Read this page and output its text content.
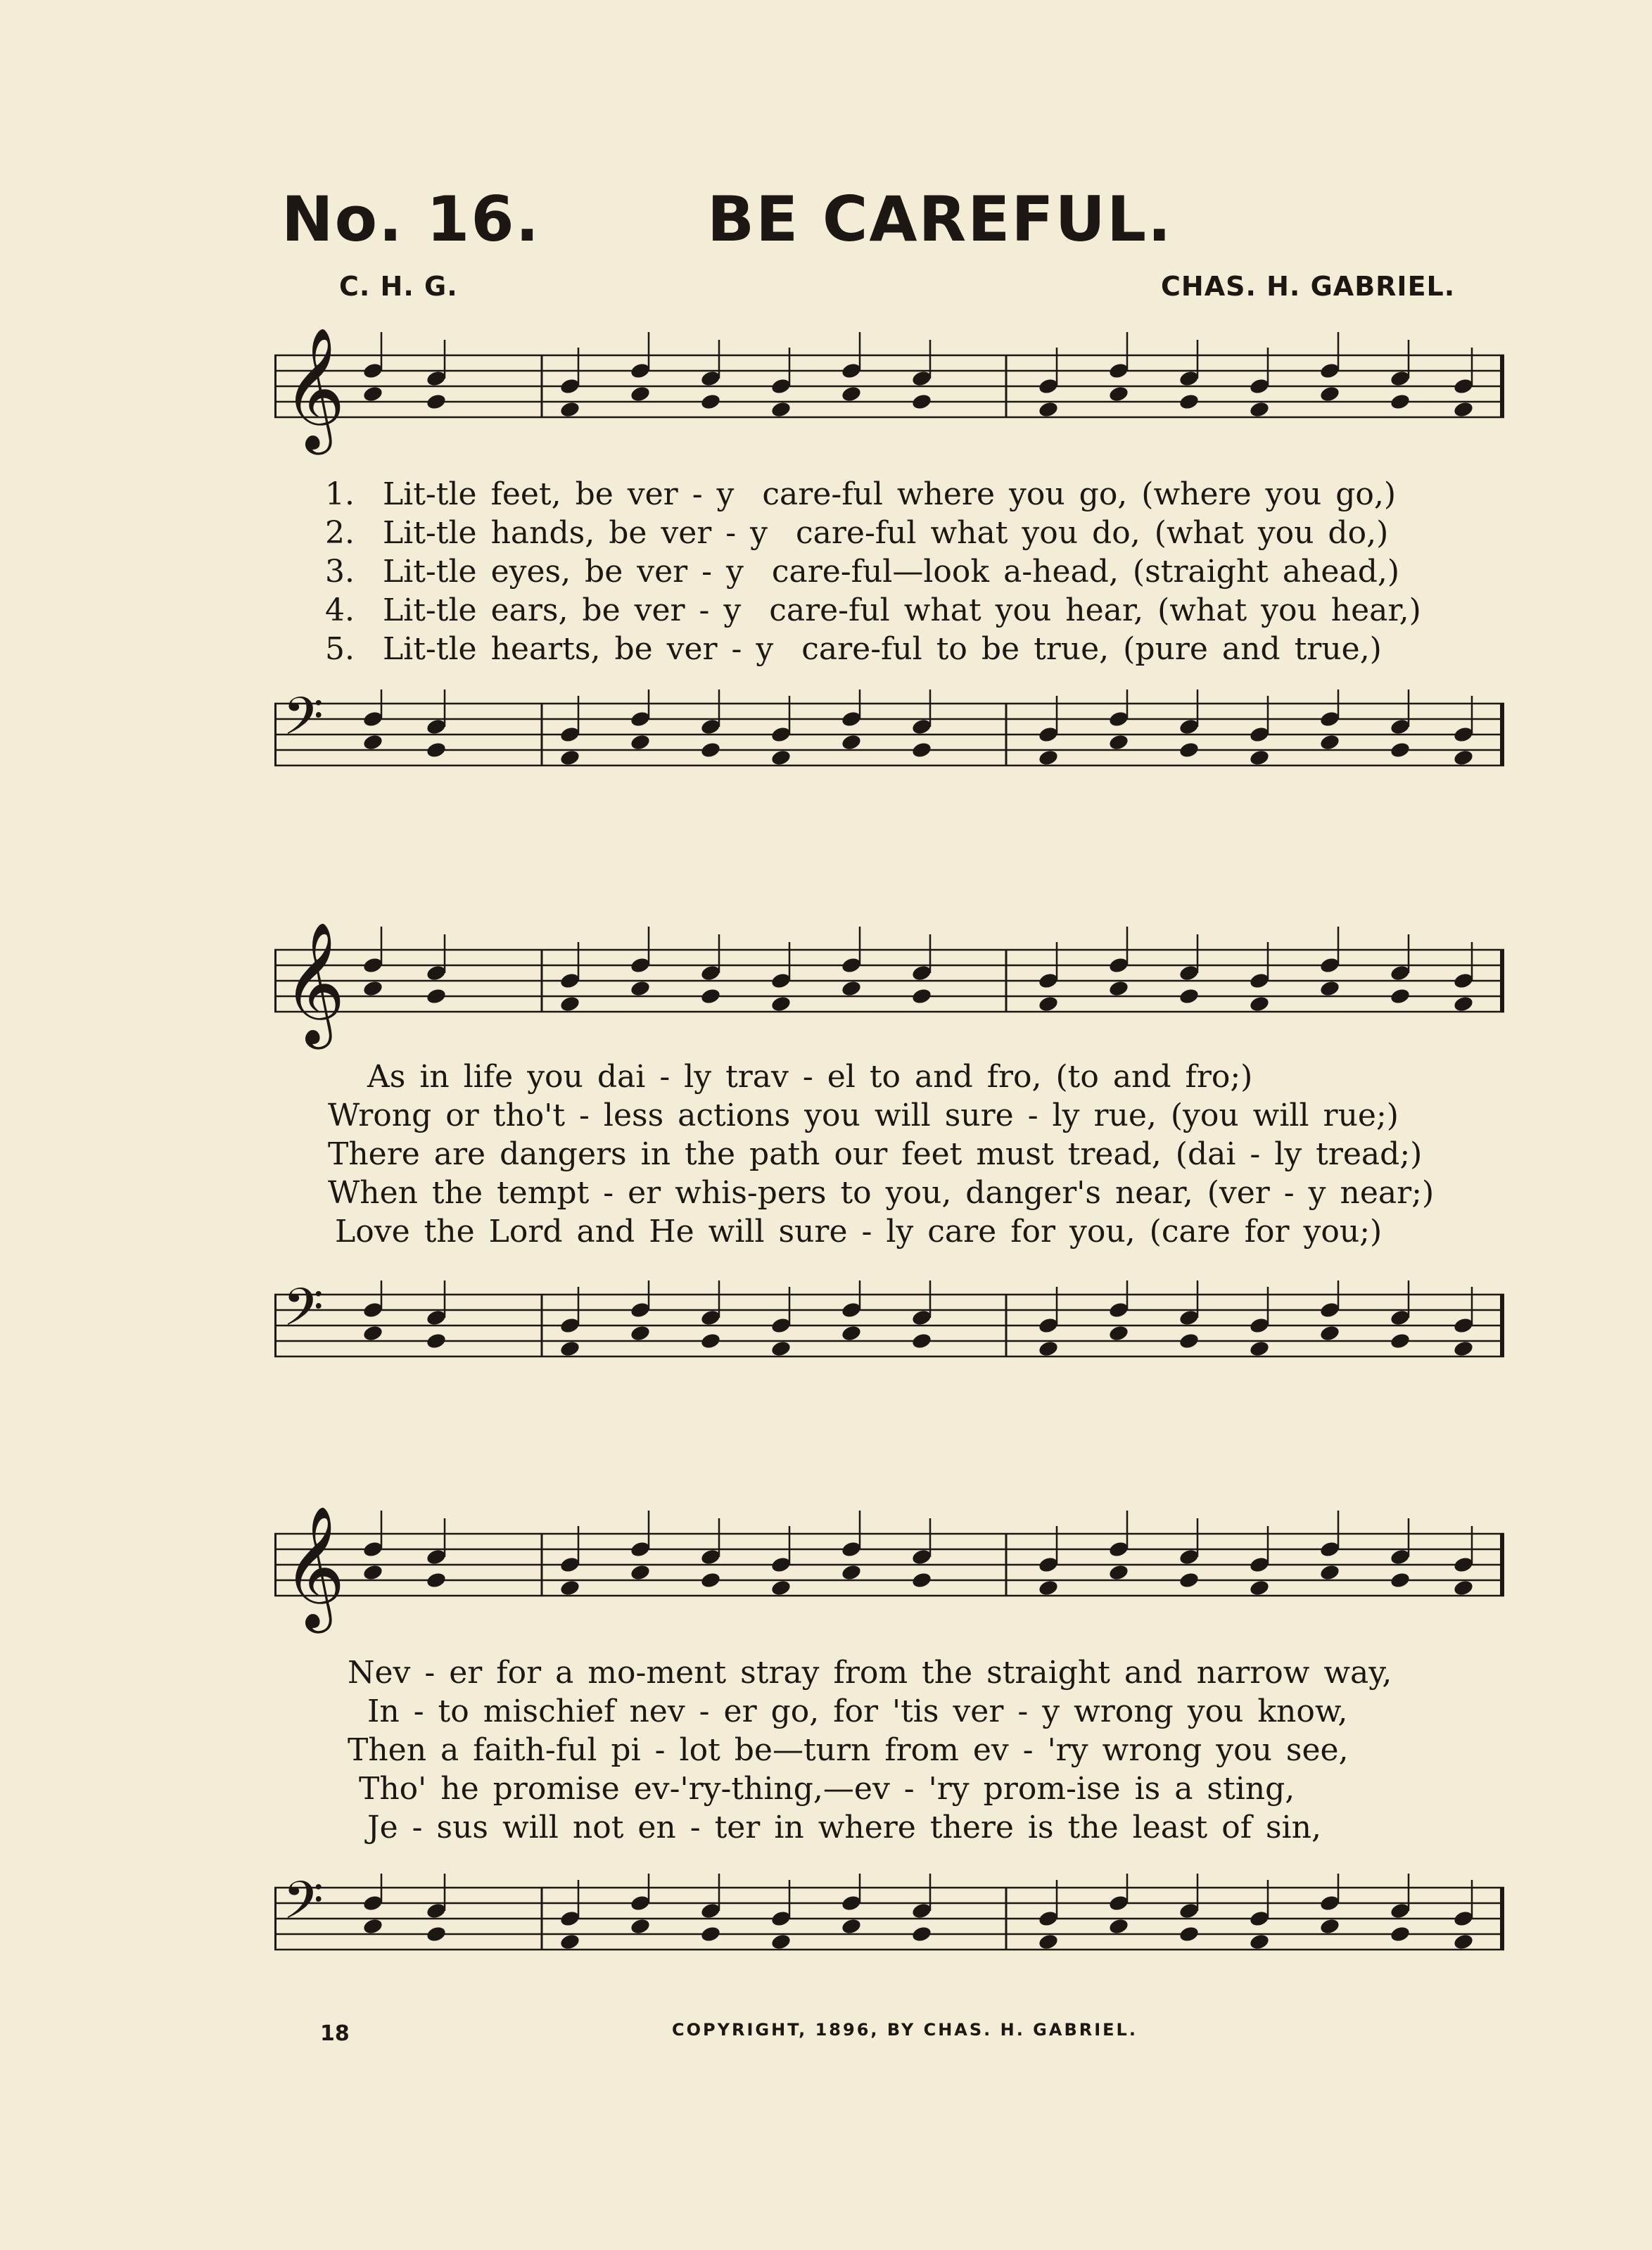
No. 16.	BE CAREFUL.
C. H. G.	CHAS. H. GABRIEL.
𝄞
1.  Lit-tle feet, be ver - y  care-ful where you go, (where you go,)
2.  Lit-tle hands, be ver - y  care-ful what you do, (what you do,)
3.  Lit-tle eyes, be ver - y  care-ful—look a-head, (straight ahead,)
4.  Lit-tle ears, be ver - y  care-ful what you hear, (what you hear,)
5.  Lit-tle hearts, be ver - y  care-ful to be true, (pure and true,)
𝄢
𝄞
As in life you dai - ly trav - el to and fro, (to and fro;)
Wrong or tho't - less actions you will sure - ly rue, (you will rue;)
There are dangers in the path our feet must tread, (dai - ly tread;)
When the tempt - er whis-pers to you, danger's near, (ver - y near;)
Love the Lord and He will sure - ly care for you, (care for you;)
𝄢
𝄞
Nev - er for a mo-ment stray from the straight and narrow way,
In - to mischief nev - er go, for 'tis ver - y wrong you know,
Then a faith-ful pi - lot be—turn from ev - 'ry wrong you see,
Tho' he promise ev-'ry-thing,—ev - 'ry prom-ise is a sting,
Je - sus will not en - ter in where there is the least of sin,
𝄢
18	COPYRIGHT, 1896, BY CHAS. H. GABRIEL.
